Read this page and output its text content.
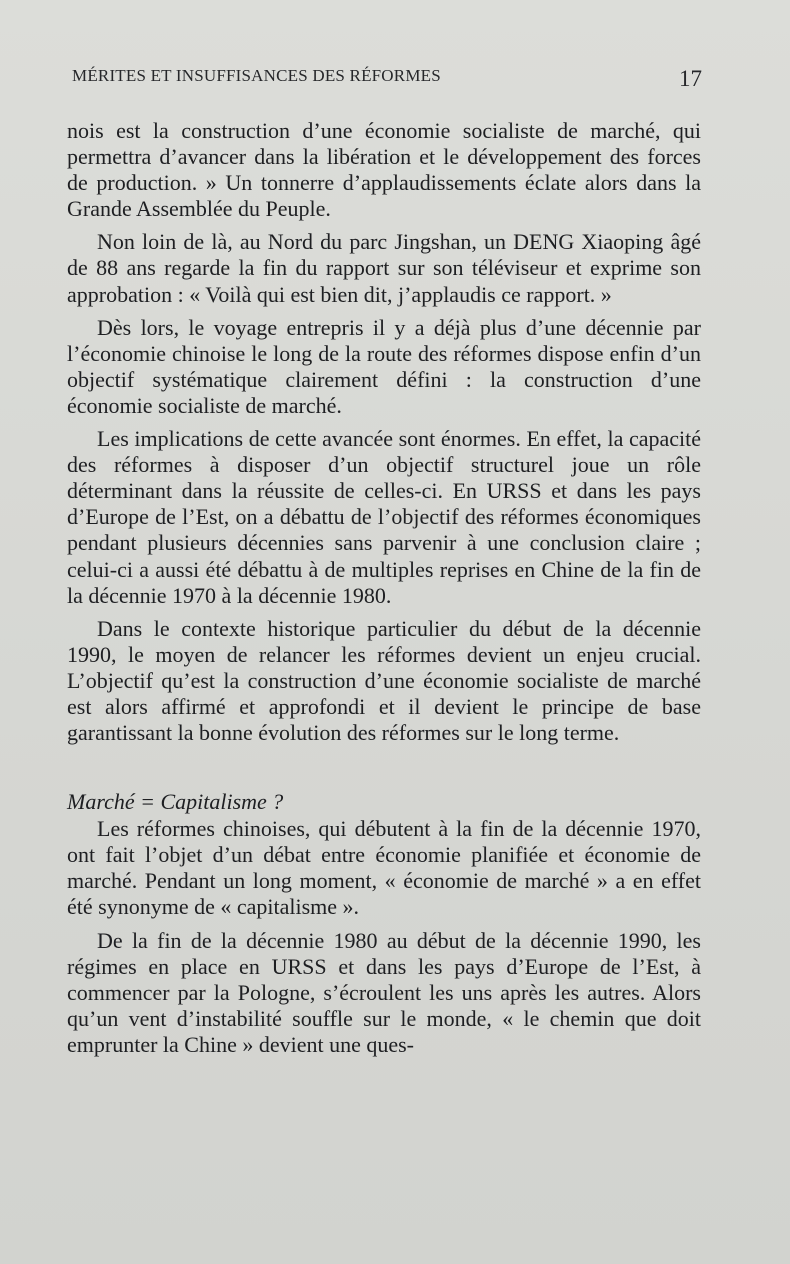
MÉRITES ET INSUFFISANCES DES RÉFORMES	17

nois est la construction d’une économie socialiste de marché, qui permettra d’avancer dans la libération et le développement des forces de production. » Un tonnerre d’applaudissements éclate alors dans la Grande Assemblée du Peuple.

Non loin de là, au Nord du parc Jingshan, un DENG Xiaoping âgé de 88 ans regarde la fin du rapport sur son téléviseur et exprime son approbation : « Voilà qui est bien dit, j’applaudis ce rapport. »

Dès lors, le voyage entrepris il y a déjà plus d’une décennie par l’économie chinoise le long de la route des réformes dispose enfin d’un objectif systématique clairement défini : la construction d’une économie socialiste de marché.

Les implications de cette avancée sont énormes. En effet, la capacité des réformes à disposer d’un objectif structurel joue un rôle déterminant dans la réussite de celles-ci. En URSS et dans les pays d’Europe de l’Est, on a débattu de l’objectif des réformes économiques pendant plusieurs décennies sans parvenir à une conclusion claire ; celui-ci a aussi été débattu à de multiples reprises en Chine de la fin de la décennie 1970 à la décennie 1980.

Dans le contexte historique particulier du début de la décennie 1990, le moyen de relancer les réformes devient un enjeu crucial. L’objectif qu’est la construction d’une économie socialiste de marché est alors affirmé et approfondi et il devient le principe de base garantissant la bonne évolution des réformes sur le long terme.

Marché = Capitalisme ?

Les réformes chinoises, qui débutent à la fin de la décennie 1970, ont fait l’objet d’un débat entre économie planifiée et économie de marché. Pendant un long moment, « économie de marché » a en effet été synonyme de « capitalisme ».

De la fin de la décennie 1980 au début de la décennie 1990, les régimes en place en URSS et dans les pays d’Europe de l’Est, à commencer par la Pologne, s’écroulent les uns après les autres. Alors qu’un vent d’instabilité souffle sur le monde, « le chemin que doit emprunter la Chine » devient une ques-
